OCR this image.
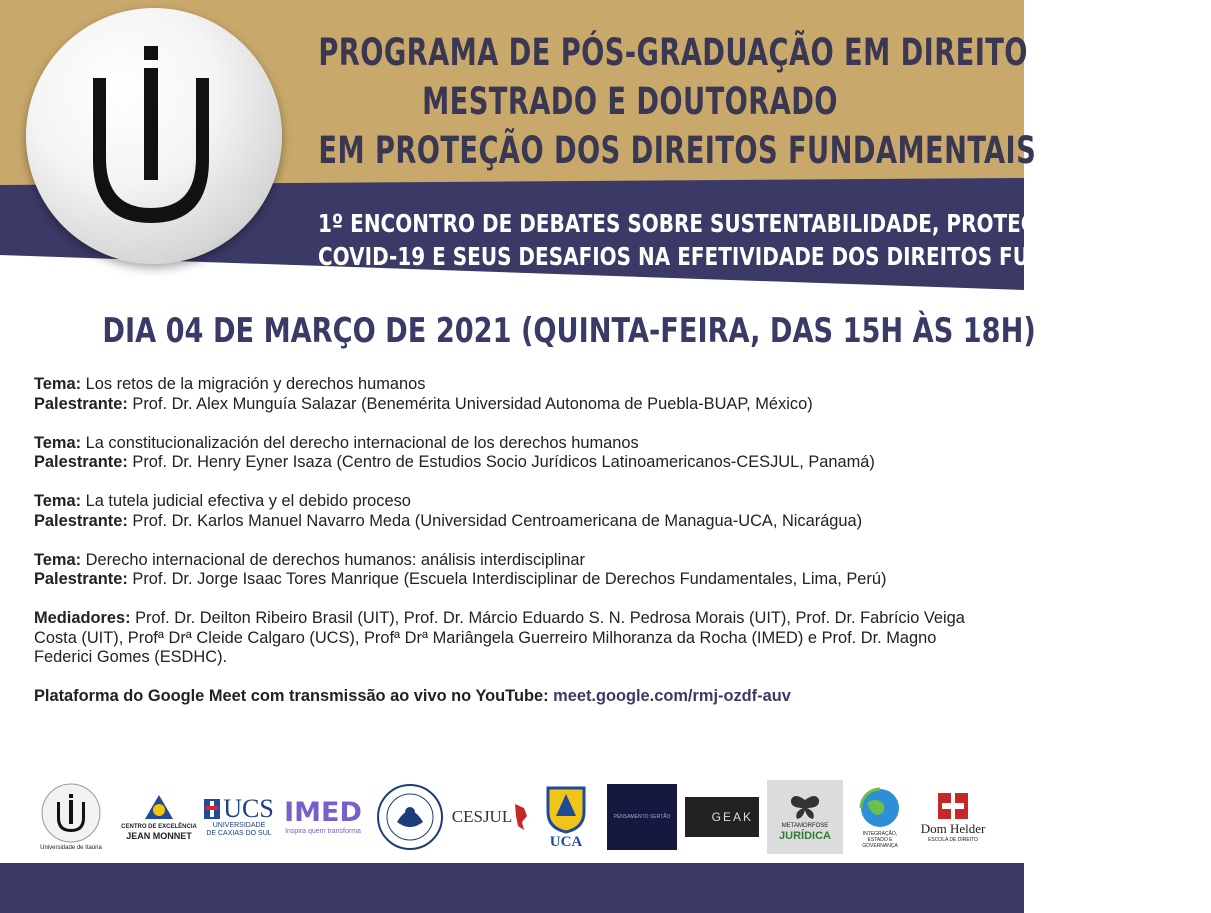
PROGRAMA DE PÓS-GRADUAÇÃO EM DIREITO
MESTRADO E DOUTORADO
EM PROTEÇÃO DOS DIREITOS FUNDAMENTAIS
1º ENCONTRO DE DEBATES SOBRE SUSTENTABILIDADE, PROTEÇÃO AMBIENTAL,
COVID-19 E SEUS DESAFIOS NA EFETIVIDADE DOS DIREITOS FUNDAMENTAIS
DIA 04 DE MARÇO DE 2021 (QUINTA-FEIRA, DAS 15H ÀS 18H)
Tema: Los retos de la migración y derechos humanos
Palestrante: Prof. Dr. Alex Munguía Salazar (Benemérita Universidad Autonoma de Puebla-BUAP, México)
Tema: La constitucionalización del derecho internacional de los derechos humanos
Palestrante: Prof. Dr. Henry Eyner Isaza (Centro de Estudios Socio Jurídicos Latinoamericanos-CESJUL, Panamá)
Tema: La tutela judicial efectiva y el debido proceso
Palestrante: Prof. Dr. Karlos Manuel Navarro Meda (Universidad Centroamericana de Managua-UCA, Nicarágua)
Tema: Derecho internacional de derechos humanos: análisis interdisciplinar
Palestrante: Prof. Dr. Jorge Isaac Tores Manrique (Escuela Interdisciplinar de Derechos Fundamentales, Lima, Perú)
Mediadores: Prof. Dr. Deilton Ribeiro Brasil (UIT), Prof. Dr. Márcio Eduardo S. N. Pedrosa Morais (UIT), Prof. Dr. Fabrício Veiga Costa (UIT), Profª Drª Cleide Calgaro (UCS), Profª Drª Mariângela Guerreiro Milhoranza da Rocha (IMED) e Prof. Dr. Magno Federici Gomes (ESDHC).
Plataforma do Google Meet com transmissão ao vivo no YouTube: meet.google.com/rmj-ozdf-auv
Universidade de Itaúna
CENTRO DE EXCELÊNCIA
JEAN MONNET
UCS
UNIVERSIDADE
DE CAXIAS DO SUL
IMED
Inspira quem transforma
CESJUL
UCA
PENSAMENTO SERTÃO	GEAK
METAMORFOSE
JURÍDICA	INTEGRAÇÃO,
ESTADO E
GOVERNANÇA
Dom Helder
ESCOLA DE DIREITO
